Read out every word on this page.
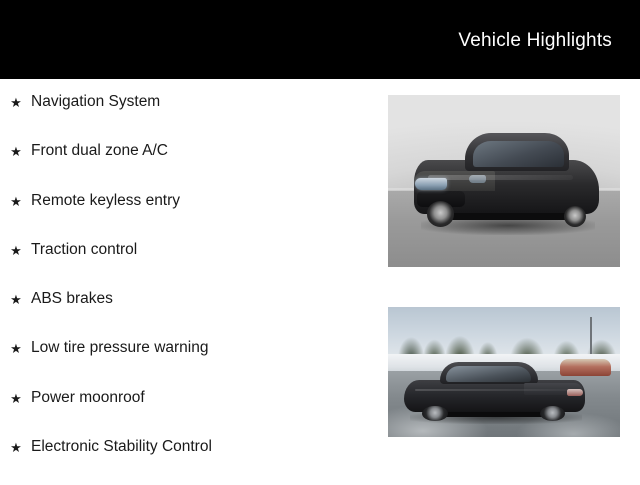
Vehicle Highlights
★ Navigation System
★ Front dual zone A/C
★ Remote keyless entry
★ Traction control
★ ABS brakes
★ Low tire pressure warning
★ Power moonroof
★ Electronic Stability Control
